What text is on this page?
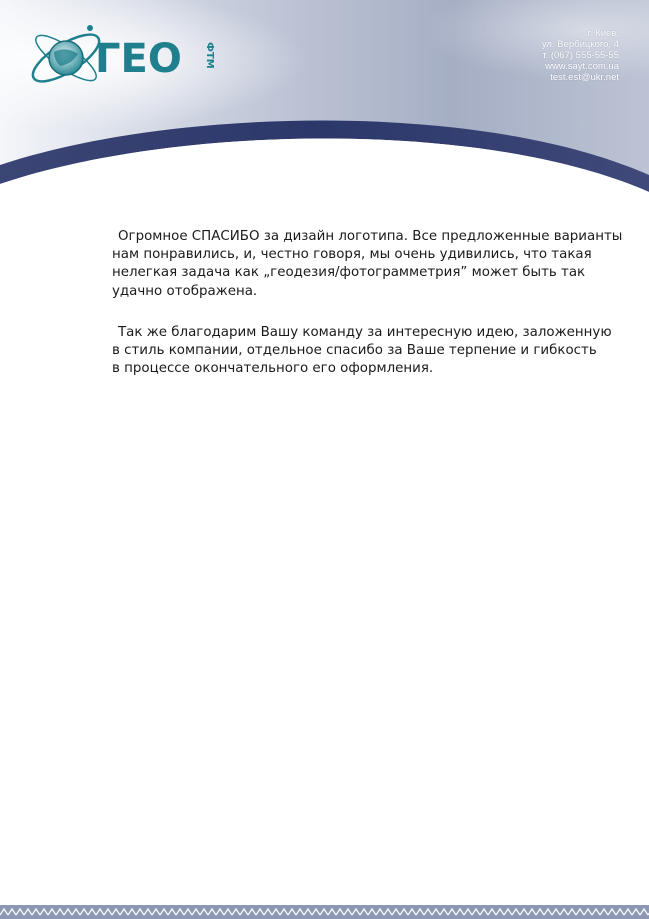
ГЕО ФТМ
г. Киев,
ул. Вербицкого, 4
т. (067) 555-55-55
www.sayt.com.ua
test.est@ukr.net
Огромное СПАСИБО за дизайн логотипа. Все предложенные варианты
нам понравились, и, честно говоря, мы очень удивились, что такая
нелегкая задача как „геодезия/фотограмметрия” может быть так
удачно отображена.
Так же благодарим Вашу команду за интересную идею, заложенную
в стиль компании, отдельное спасибо за Ваше терпение и гибкость
в процессе окончательного его оформления.
